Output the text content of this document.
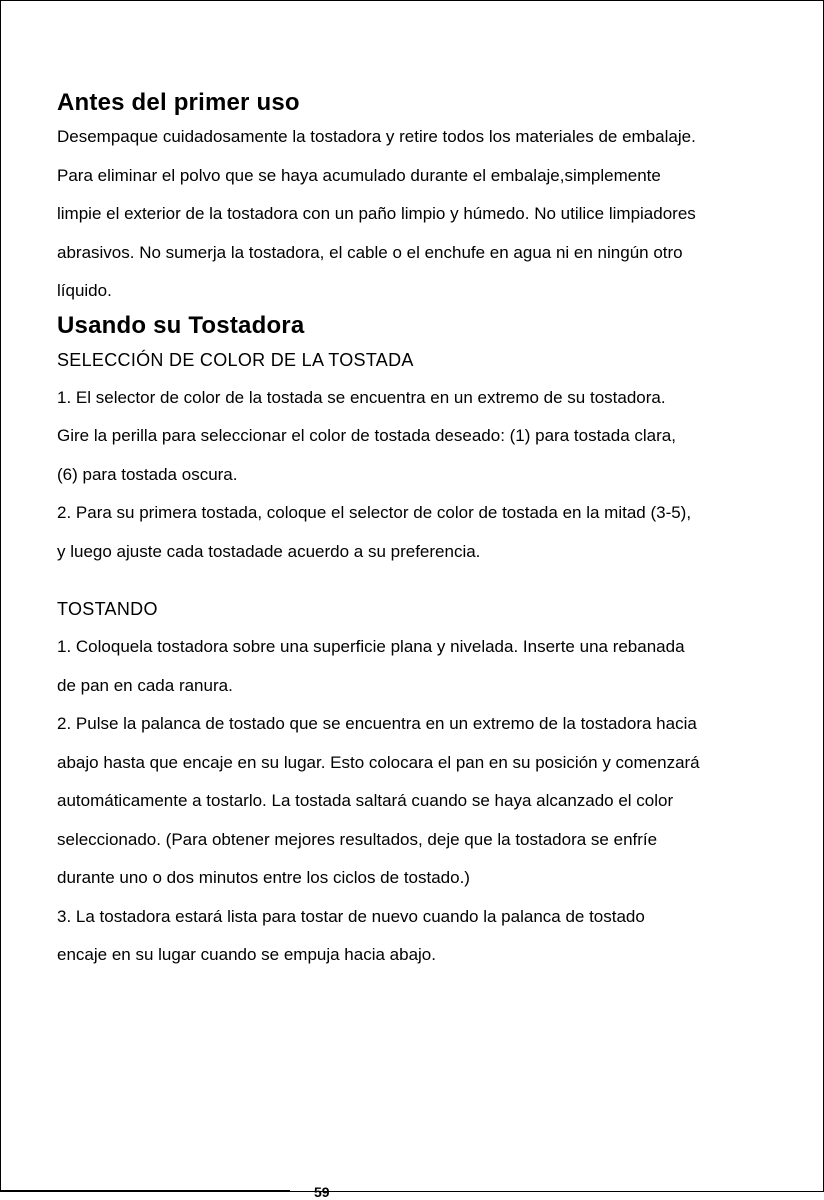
Antes del primer uso

Desempaque cuidadosamente la tostadora y retire todos los materiales de embalaje.
Para eliminar el polvo que se haya acumulado durante el embalaje,simplemente
limpie el exterior de la tostadora con un paño limpio y húmedo. No utilice limpiadores
abrasivos. No sumerja la tostadora, el cable o el enchufe en agua ni en ningún otro
líquido.

Usando su Tostadora
SELECCIÓN DE COLOR DE LA TOSTADA

1. El selector de color de la tostada se encuentra en un extremo de su tostadora.
Gire la perilla para seleccionar el color de tostada deseado: (1) para tostada clara,
(6) para tostada oscura.

2. Para su primera tostada, coloque el selector de color de tostada en la mitad (3-5),
y luego ajuste cada tostadade acuerdo a su preferencia.

TOSTANDO

1. Coloquela tostadora sobre una superficie plana y nivelada. Inserte una rebanada
de pan en cada ranura.

2. Pulse la palanca de tostado que se encuentra en un extremo de la tostadora hacia
abajo hasta que encaje en su lugar. Esto colocara el pan en su posición y comenzará
automáticamente a tostarlo. La tostada saltará cuando se haya alcanzado el color
seleccionado. (Para obtener mejores resultados, deje que la tostadora se enfríe
durante uno o dos minutos entre los ciclos de tostado.)

3. La tostadora estará lista para tostar de nuevo cuando la palanca de tostado
encaje en su lugar cuando se empuja hacia abajo.

59
